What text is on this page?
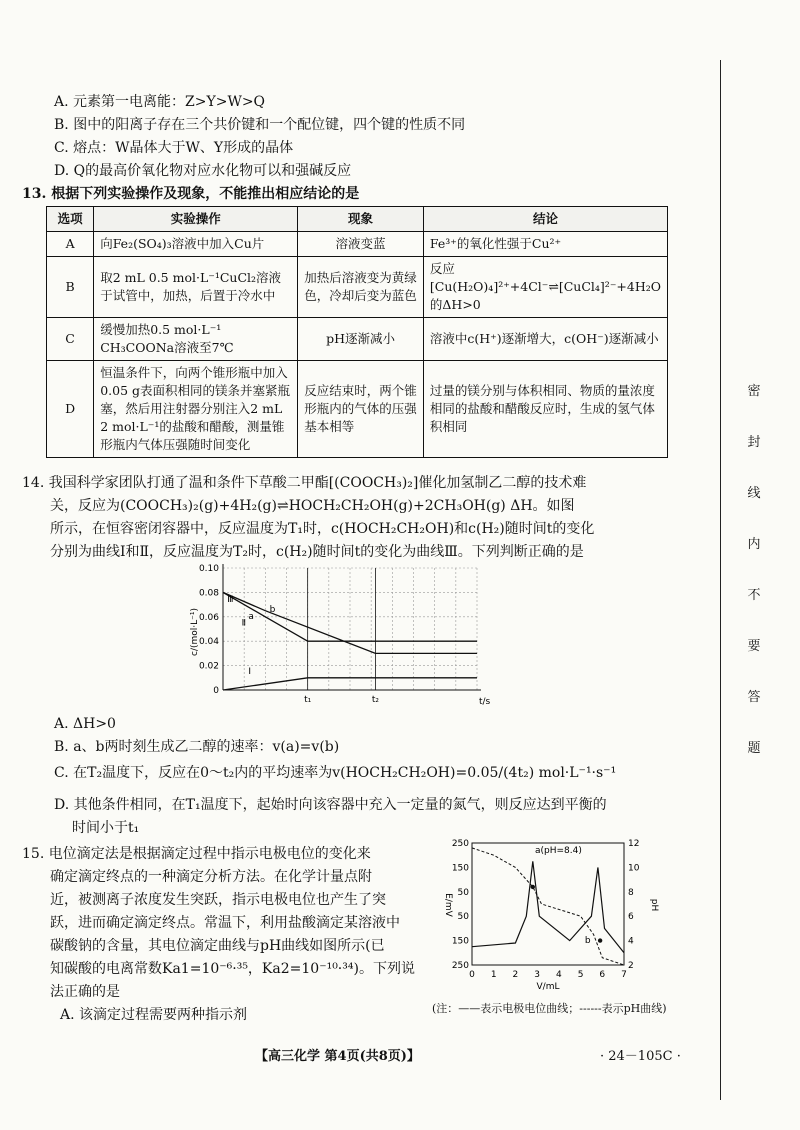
A. 元素第一电离能：Z>Y>W>Q
B. 图中的阳离子存在三个共价键和一个配位键，四个键的性质不同
C. 熔点：W晶体大于W、Y形成的晶体
D. Q的最高价氧化物对应水化物可以和强碱反应
13. 根据下列实验操作及现象，不能推出相应结论的是
选项	实验操作	现象	结论
A	向Fe₂(SO₄)₃溶液中加入Cu片	溶液变蓝	Fe³⁺的氧化性强于Cu²⁺
B	取2 mL 0.5 mol·L⁻¹CuCl₂溶液于试管中，加热，后置于冷水中	加热后溶液变为黄绿色，冷却后变为蓝色	反应[Cu(H₂O)₄]²⁺+4Cl⁻⇌[CuCl₄]²⁻+4H₂O的ΔH>0
C	缓慢加热0.5 mol·L⁻¹ CH₃COONa溶液至7℃	pH逐渐减小	溶液中c(H⁺)逐渐增大，c(OH⁻)逐渐减小
D	恒温条件下，向两个锥形瓶中加入0.05 g表面积相同的镁条并塞紧瓶塞，然后用注射器分别注入2 mL 2 mol·L⁻¹的盐酸和醋酸，测量锥形瓶内气体压强随时间变化	反应结束时，两个锥形瓶内的气体的压强基本相等	过量的镁分别与体积相同、物质的量浓度相同的盐酸和醋酸反应时，生成的氢气体积相同
14. 我国科学家团队打通了温和条件下草酸二甲酯[(COOCH₃)₂]催化加氢制乙二醇的技术难
关，反应为(COOCH₃)₂(g)+4H₂(g)⇌HOCH₂CH₂OH(g)+2CH₃OH(g) ΔH。如图
所示，在恒容密闭容器中，反应温度为T₁时，c(HOCH₂CH₂OH)和c(H₂)随时间t的变化
分别为曲线Ⅰ和Ⅱ，反应温度为T₂时，c(H₂)随时间t的变化为曲线Ⅲ。下列判断正确的是
0
0.02
0.04
0.06
0.08
0.10
c/(mol·L⁻¹)
t/s
t₁	t₂
Ⅲ
Ⅱ
Ⅰ
a
b
A. ΔH>0
B. a、b两时刻生成乙二醇的速率：v(a)=v(b)
C. 在T₂温度下，反应在0～t₂内的平均速率为v(HOCH₂CH₂OH)=0.05/(4t₂) mol·L⁻¹·s⁻¹
D. 其他条件相同，在T₁温度下，起始时向该容器中充入一定量的氮气，则反应达到平衡的
时间小于t₁
15. 电位滴定法是根据滴定过程中指示电极电位的变化来
确定滴定终点的一种滴定分析方法。在化学计量点附
近，被测离子浓度发生突跃，指示电极电位也产生了突
跃，进而确定滴定终点。常温下，利用盐酸滴定某溶液中
碳酸钠的含量，其电位滴定曲线与pH曲线如图所示(已
知碳酸的电离常数Ka1=10⁻⁶·³⁵，Ka2=10⁻¹⁰·³⁴)。下列说
法正确的是
A. 该滴定过程需要两种指示剂
250
150
50
50
150
250
12
10
8
6
4
2
0 1 2 3 4 5 6 7
V/mL
E/mV	pH
a(pH=8.4)
b
(注：——表示电极电位曲线；------表示pH曲线)
密
封
线
内
不
要
答
题
【高三化学 第4页(共8页)】	· 24－105C ·
